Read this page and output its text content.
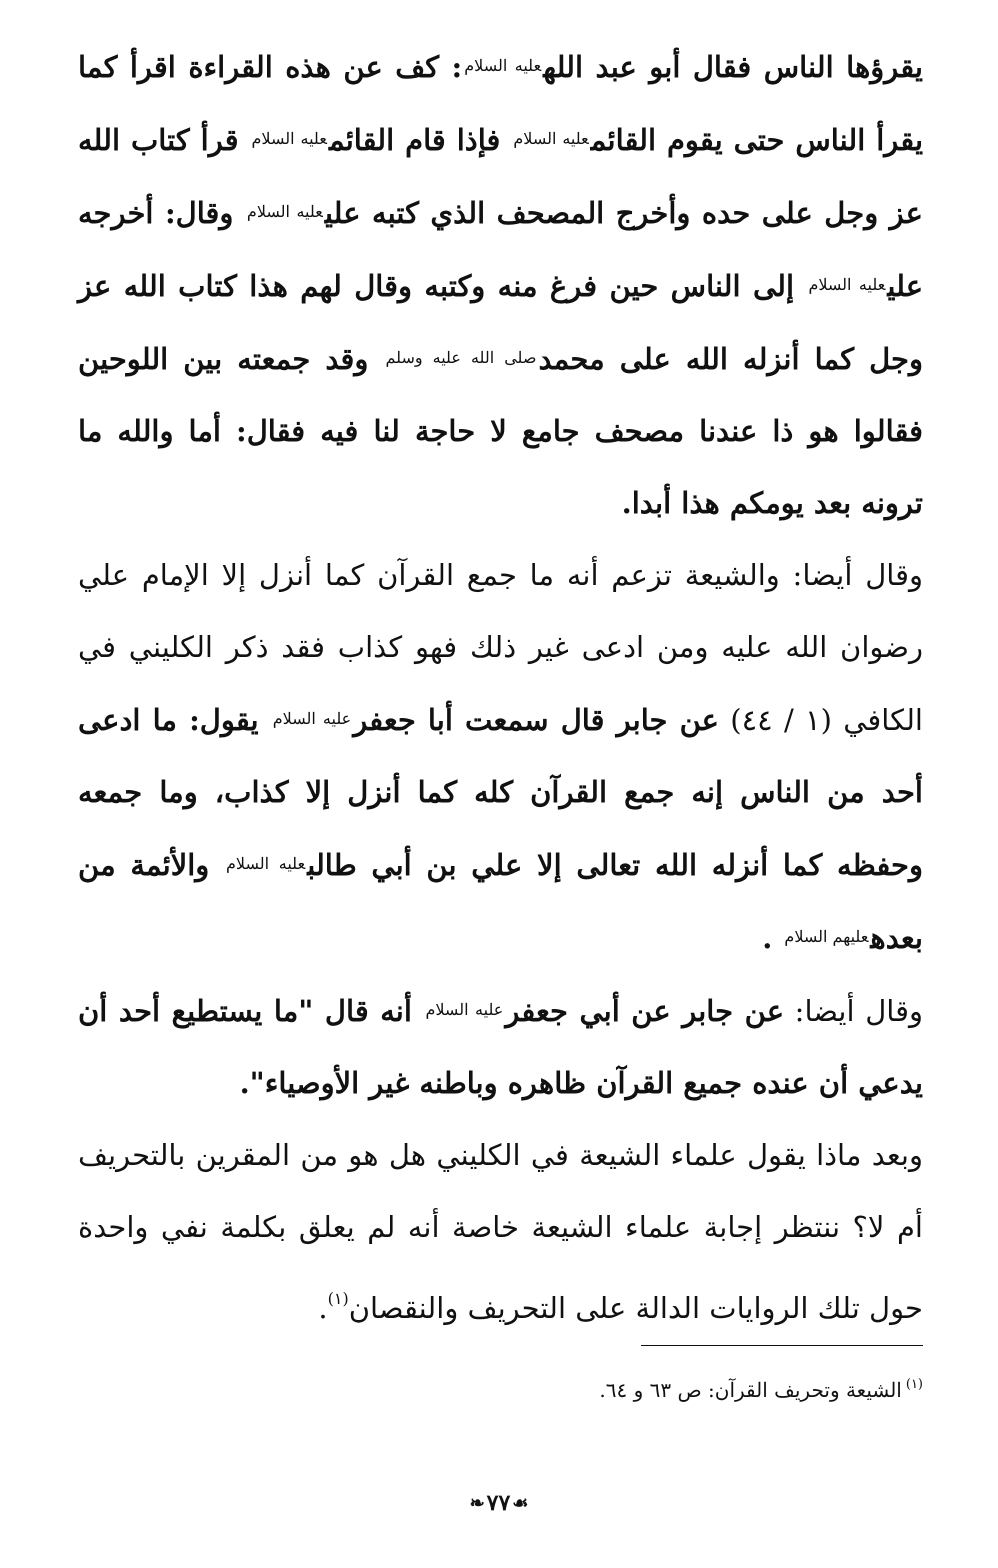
يقرؤها الناس فقال أبو عبد الله$^{عليه السلام}$: كف عن هذه القراءة اقرأ كما يقرأ الناس حتى يقوم القائم$^{عليه السلام}$ فإذا قام القائم$^{عليه السلام}$ قرأ كتاب الله عز وجل على حده وأخرج المصحف الذي كتبه علي$^{عليه السلام}$ وقال: أخرجه علي$^{عليه السلام}$ إلى الناس حين فرغ منه وكتبه وقال لهم هذا كتاب الله عز وجل كما أنزله الله على محمد$^{صلى الله عليه وسلم}$ وقد جمعته بين اللوحين فقالوا هو ذا عندنا مصحف جامع لا حاجة لنا فيه فقال: أما والله ما ترونه بعد يومكم هذا أبدا.

وقال أيضا: والشيعة تزعم أنه ما جمع القرآن كما أنزل إلا الإمام علي رضوان الله عليه ومن ادعى غير ذلك فهو كذاب فقد ذكر الكليني في الكافي (١ / ٤٤) عن جابر قال سمعت أبا جعفر$^{عليه السلام}$ يقول: ما ادعى أحد من الناس إنه جمع القرآن كله كما أنزل إلا كذاب، وما جمعه وحفظه كما أنزله الله تعالى إلا علي بن أبي طالب$^{عليه السلام}$ والأئمة من بعده$^{عليهم السلام}$ .

وقال أيضا: عن جابر عن أبي جعفر$^{عليه السلام}$ أنه قال "ما يستطيع أحد أن يدعي أن عنده جميع القرآن ظاهره وباطنه غير الأوصياء".

وبعد ماذا يقول علماء الشيعة في الكليني هل هو من المقرين بالتحريف أم لا؟ ننتظر إجابة علماء الشيعة خاصة أنه لم يعلق بكلمة نفي واحدة حول تلك الروايات الدالة على التحريف والنقصان$^{(١)}$.

$^{(١)}$الشيعة وتحريف القرآن: ص ٦٣ و ٦٤.
❧٧٧ ☙
